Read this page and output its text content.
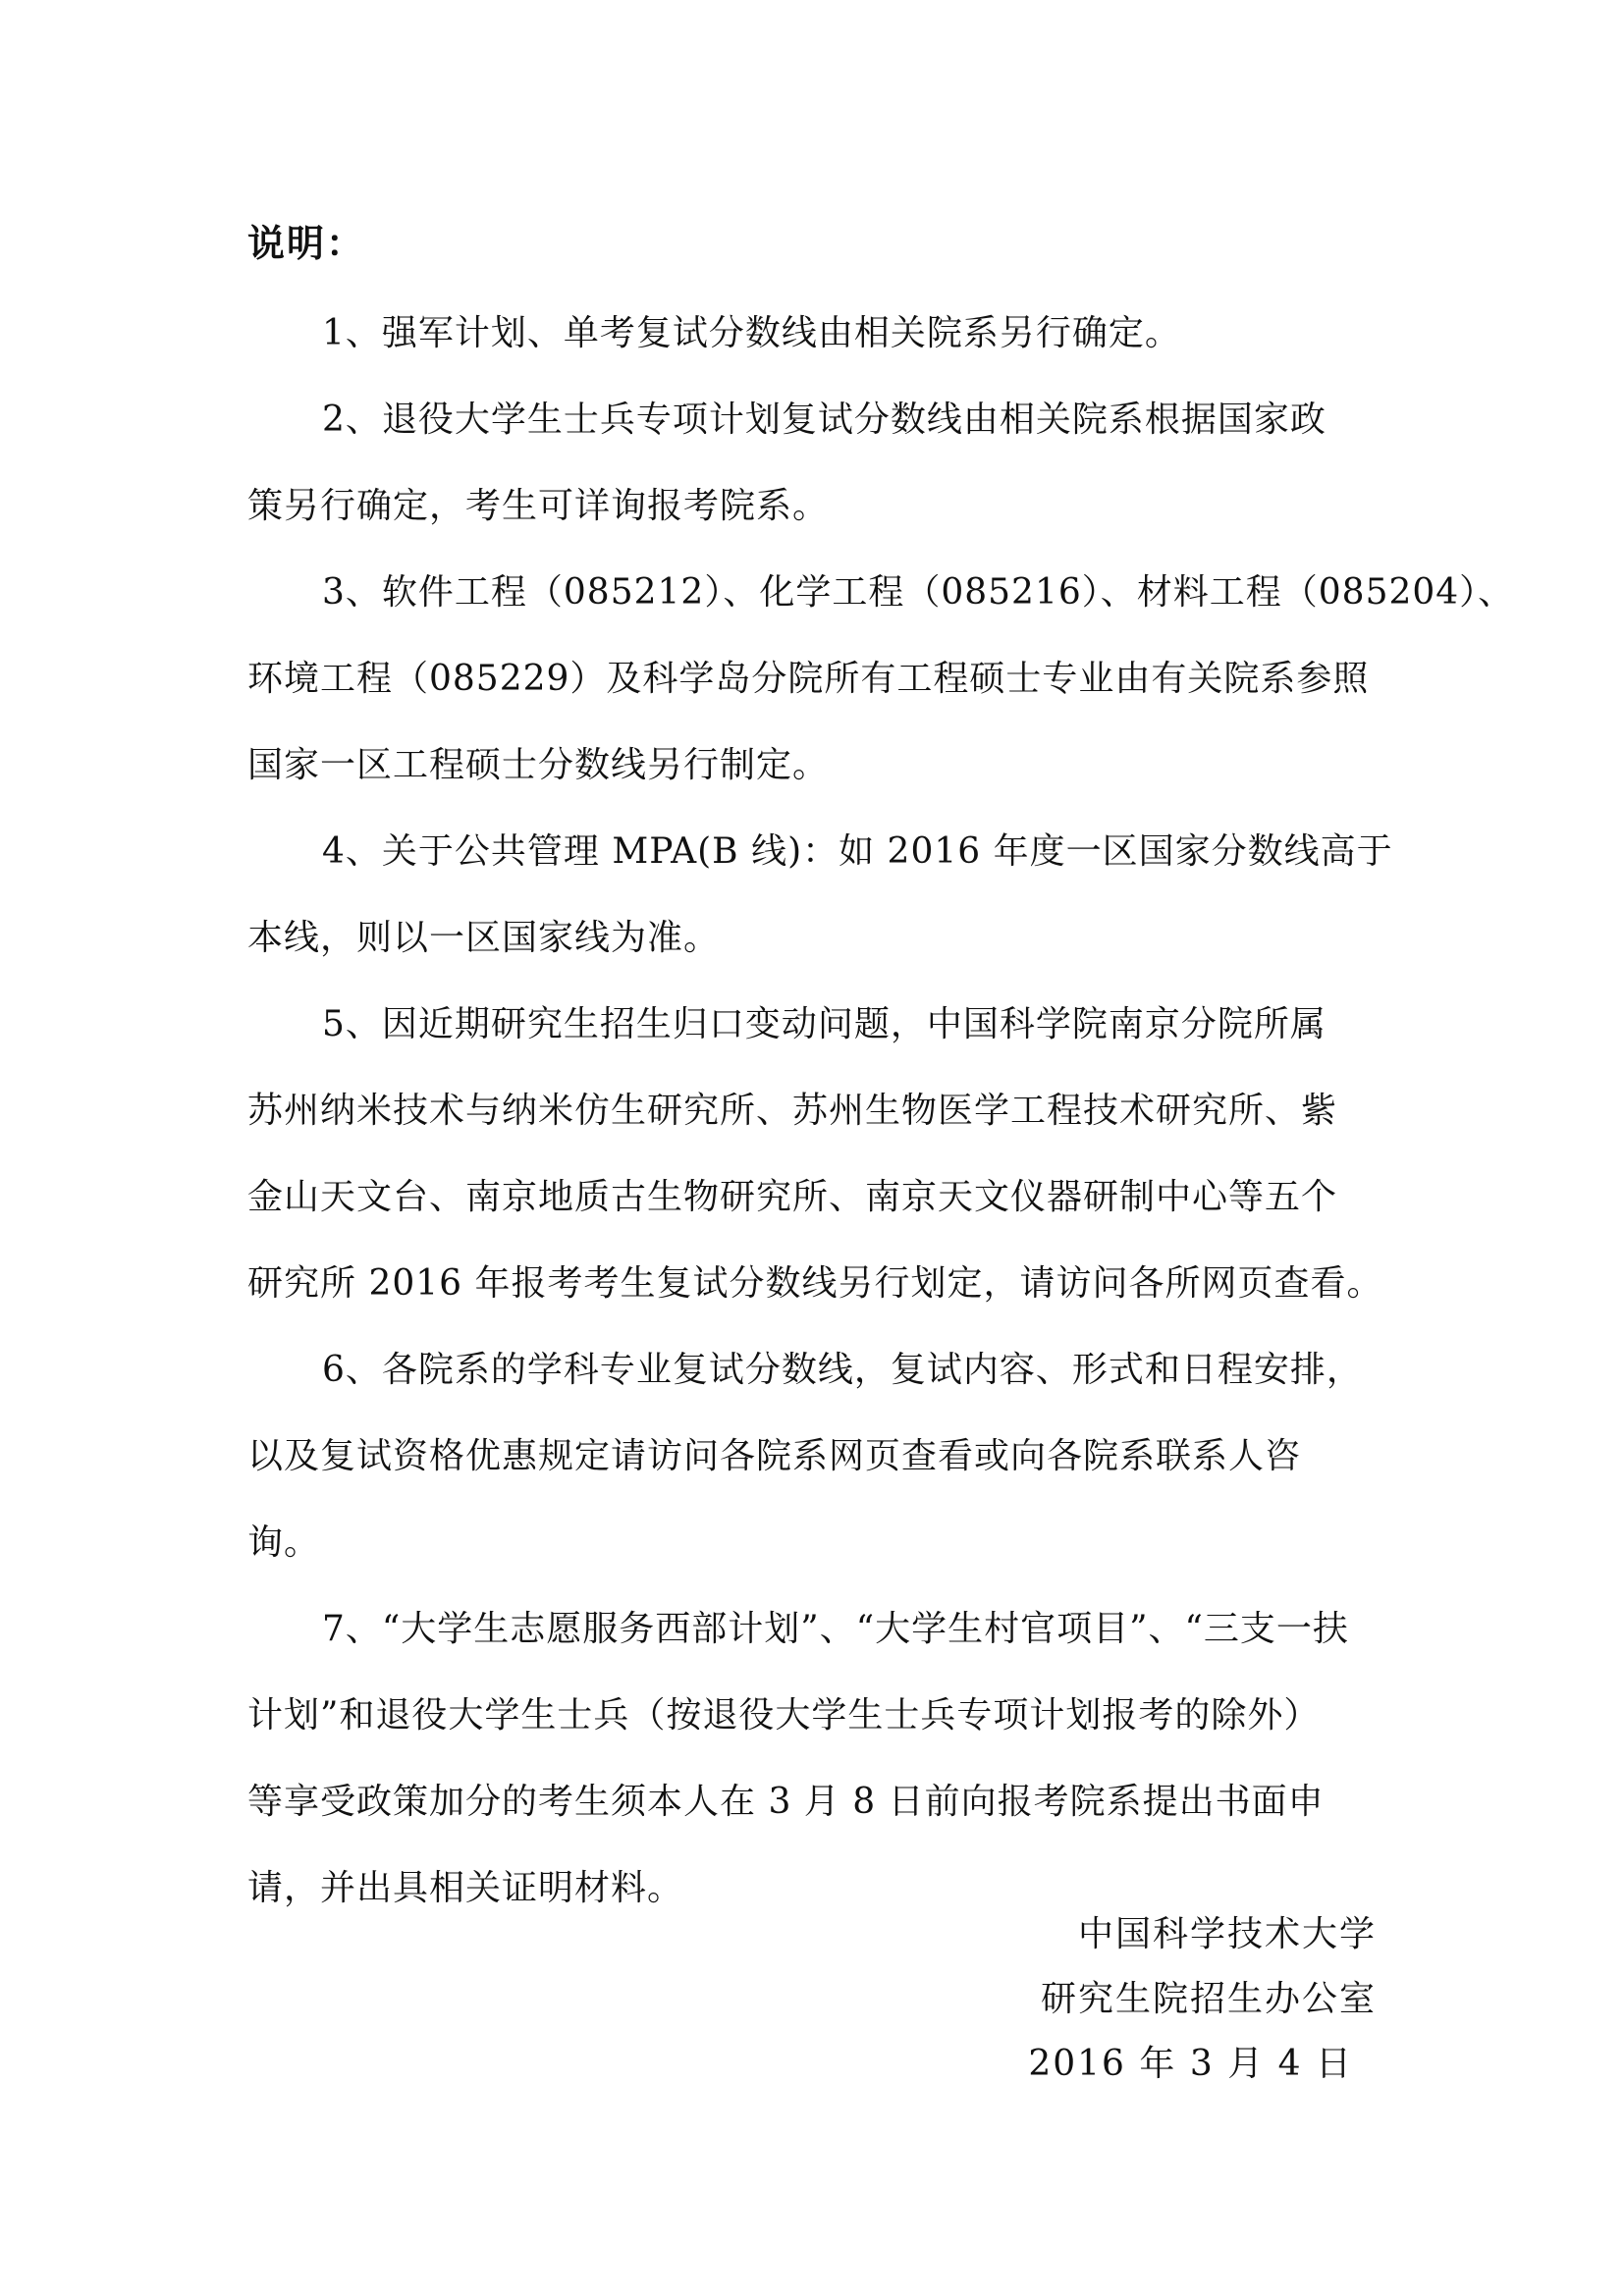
说明：

1、强军计划、单考复试分数线由相关院系另行确定。

2、退役大学生士兵专项计划复试分数线由相关院系根据国家政
策另行确定，考生可详询报考院系。

3、软件工程（085212）、化学工程（085216）、材料工程（085204）、
环境工程（085229）及科学岛分院所有工程硕士专业由有关院系参照
国家一区工程硕士分数线另行制定。

4、关于公共管理 MPA(B 线)：如 2016 年度一区国家分数线高于
本线，则以一区国家线为准。

5、因近期研究生招生归口变动问题，中国科学院南京分院所属
苏州纳米技术与纳米仿生研究所、苏州生物医学工程技术研究所、紫
金山天文台、南京地质古生物研究所、南京天文仪器研制中心等五个
研究所 2016 年报考考生复试分数线另行划定，请访问各所网页查看。

6、各院系的学科专业复试分数线，复试内容、形式和日程安排，
以及复试资格优惠规定请访问各院系网页查看或向各院系联系人咨
询。

7、“大学生志愿服务西部计划”、“大学生村官项目”、“三支一扶
计划”和退役大学生士兵（按退役大学生士兵专项计划报考的除外）
等享受政策加分的考生须本人在 3 月 8 日前向报考院系提出书面申
请，并出具相关证明材料。

中国科学技术大学
研究生院招生办公室
2016 年 3 月 4 日
